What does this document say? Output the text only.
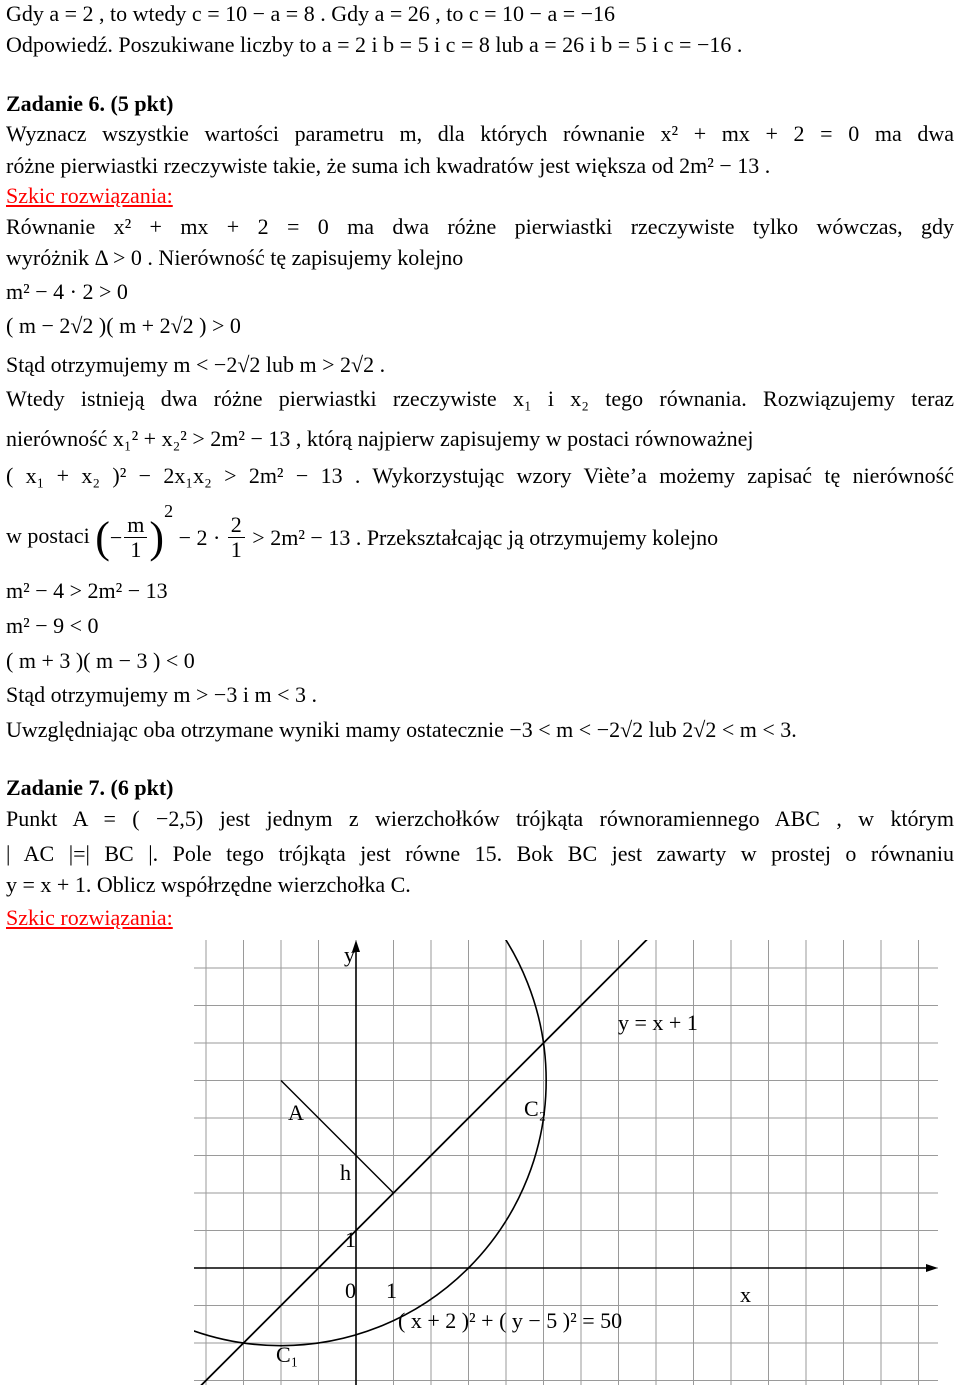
Gdy a = 2 , to wtedy c = 10 − a = 8 . Gdy a = 26 , to c = 10 − a = −16
Odpowiedź. Poszukiwane liczby to a = 2 i b = 5 i c = 8 lub a = 26 i b = 5 i c = −16 .
Zadanie 6. (5 pkt)
Wyznacz wszystkie wartości parametru m, dla których równanie x² + mx + 2 = 0 ma dwa
różne pierwiastki rzeczywiste takie, że suma ich kwadratów jest większa od 2m² − 13 .
Szkic rozwiązania:
Równanie x² + mx + 2 = 0 ma dwa różne pierwiastki rzeczywiste tylko wówczas, gdy
wyróżnik Δ > 0 . Nierówność tę zapisujemy kolejno
m² − 4 · 2 > 0
( m − 2√2 )( m + 2√2 ) > 0
Stąd otrzymujemy m < −2√2 lub m > 2√2 .
Wtedy istnieją dwa różne pierwiastki rzeczywiste x₁ i x₂ tego równania. Rozwiązujemy teraz
nierówność x₁² + x₂² > 2m² − 13 , którą najpierw zapisujemy w postaci równoważnej
( x₁ + x₂ )² − 2x₁x₂ > 2m² − 13 . Wykorzystując wzory Viète’a możemy zapisać tę nierówność
w postaci (− $\frac{m}{1} )^2 - 2 \cdot \frac{2}{1} > 2m^2 - 13$ . Przekształcając ją otrzymujemy kolejno
m² − 4 > 2m² − 13
m² − 9 < 0
( m + 3 )( m − 3 ) < 0
Stąd otrzymujemy m > −3 i m < 3 .
Uwzględniając oba otrzymane wyniki mamy ostatecznie −3 < m < −2√2 lub 2√2 < m < 3.
Zadanie 7. (6 pkt)
Punkt A = ( −2,5) jest jednym z wierzchołków trójkąta równoramiennego ABC , w którym
| AC |=| BC |. Pole tego trójkąta jest równe 15. Bok BC jest zawarty w prostej o równaniu
y = x + 1. Oblicz współrzędne wierzchołka C.
Szkic rozwiązania:
y
x
y = x + 1
A	C₂
C₁
h
1
0 1
( x + 2 )² + ( y − 5 )² = 50
